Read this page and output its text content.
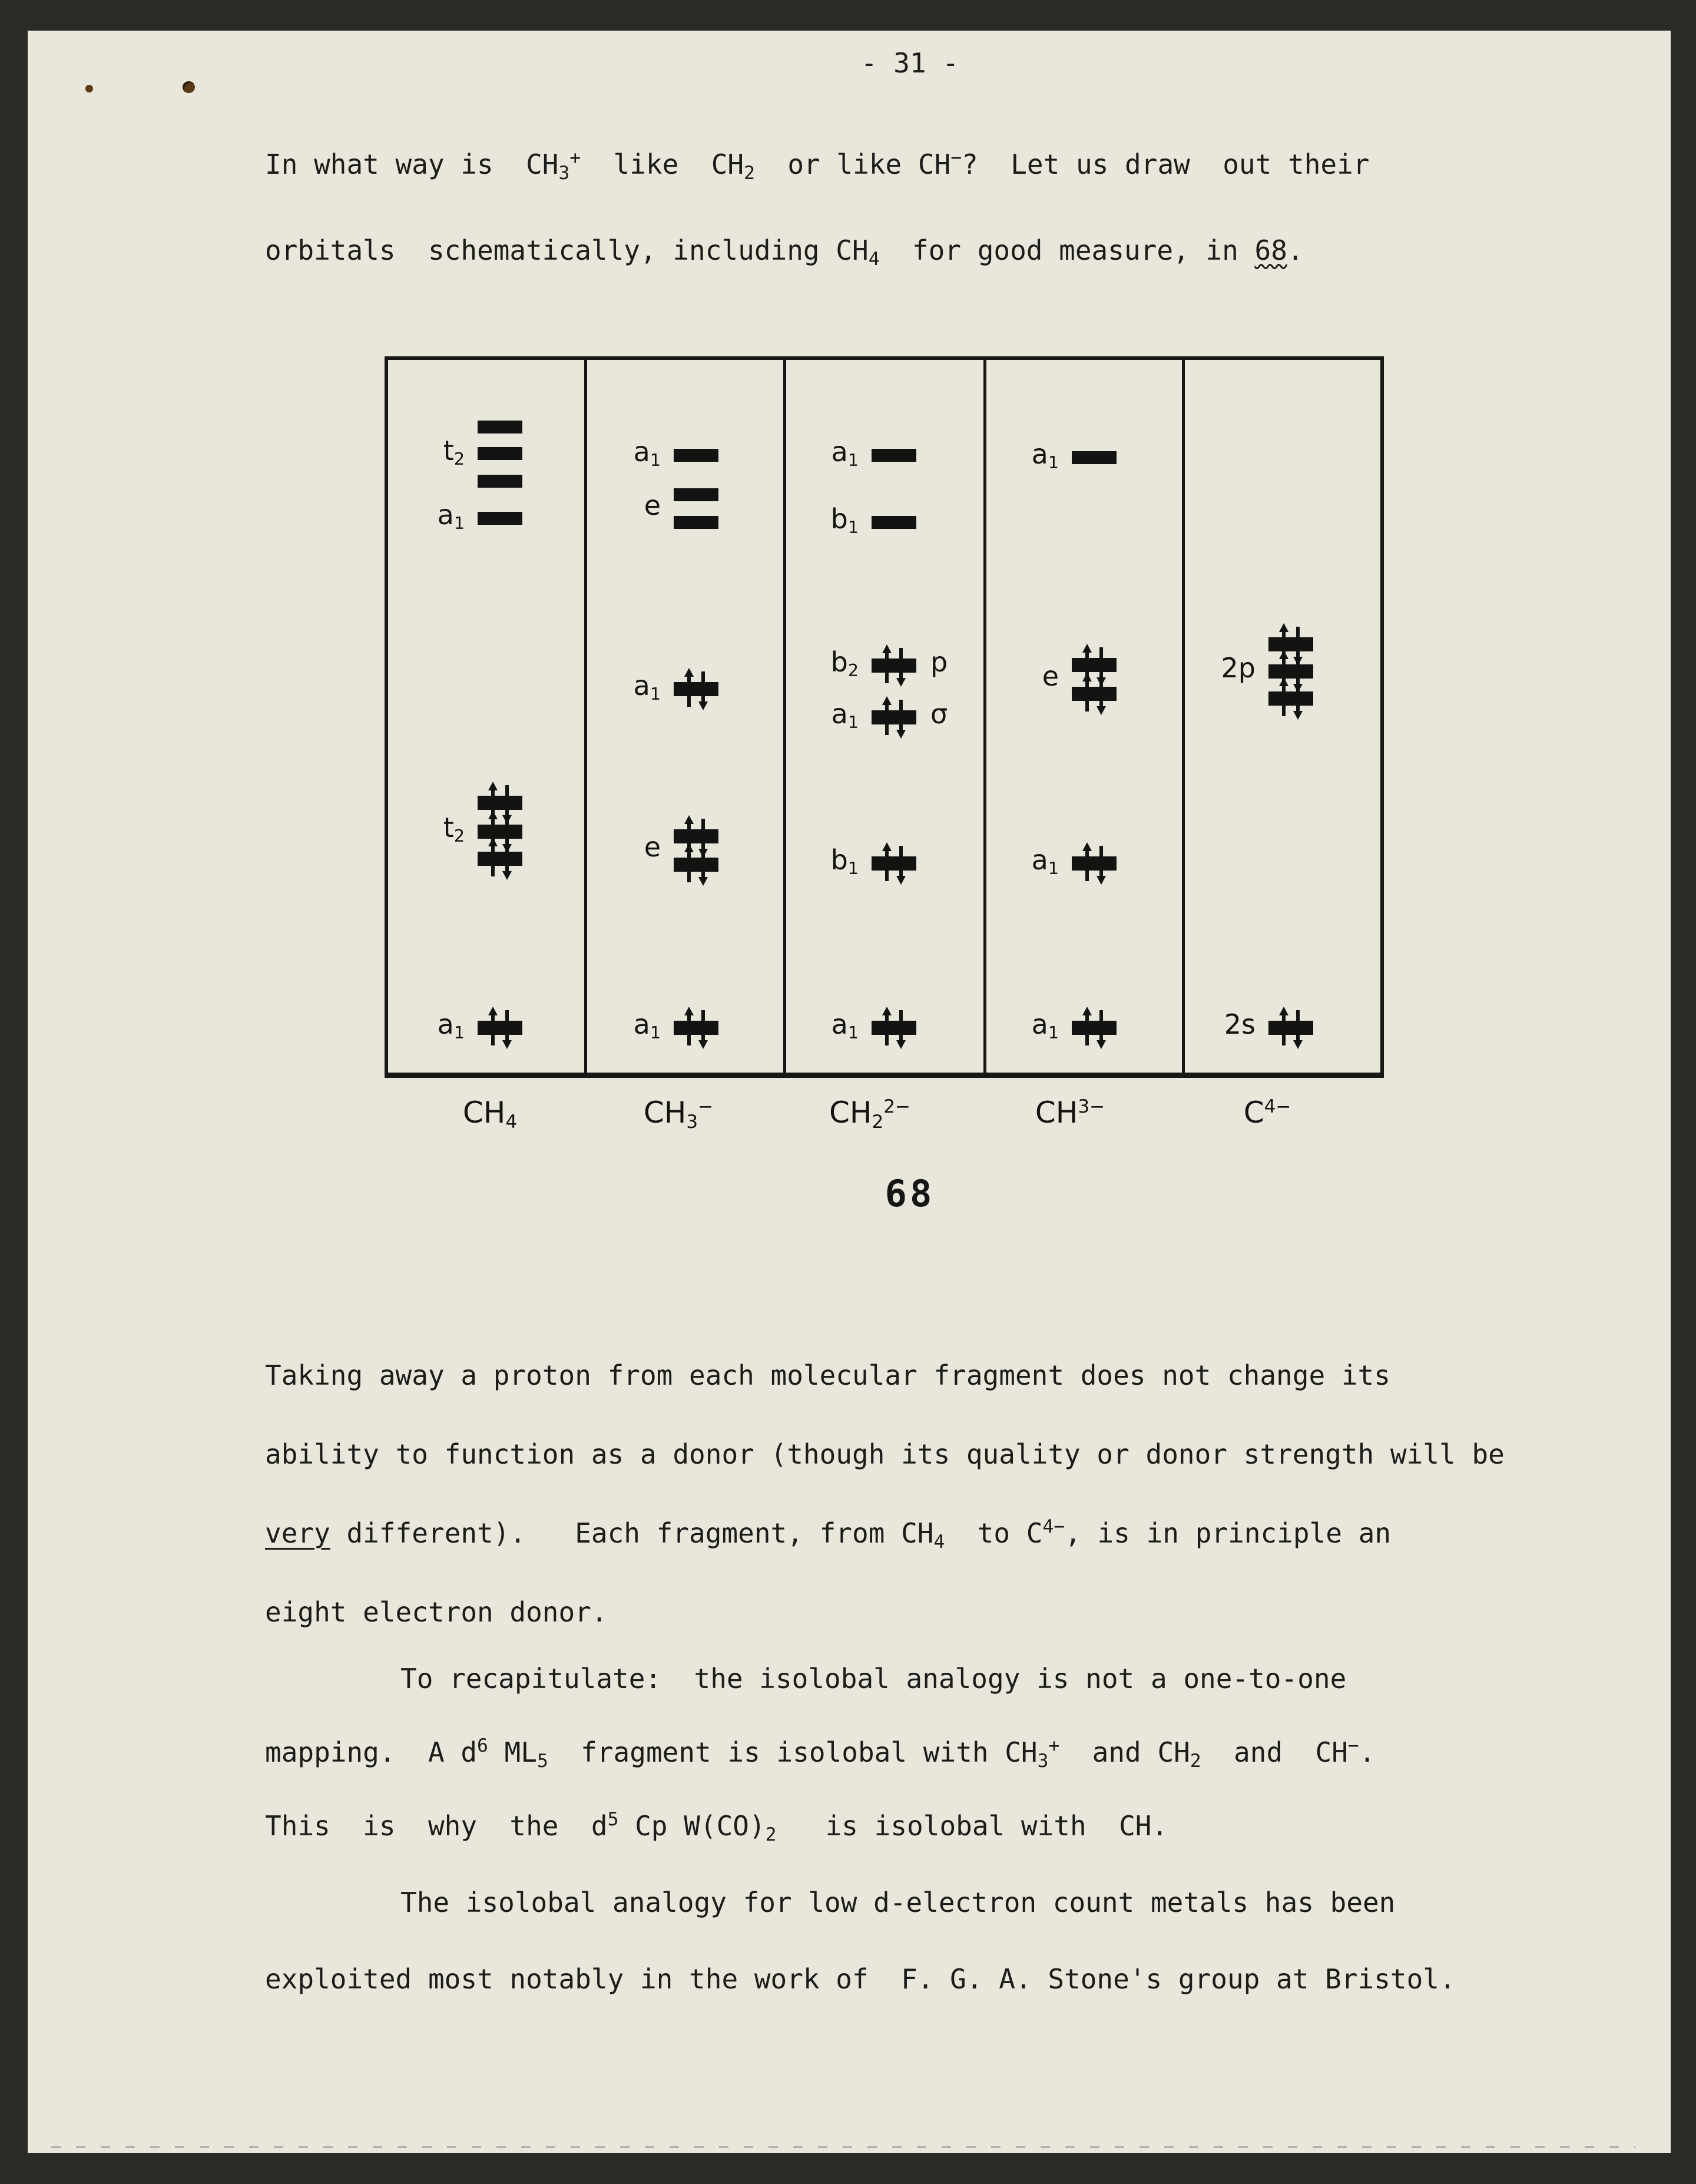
- 31 -
In what way is  $CH_3^+$  like  $CH_2$  or like CH−?  Let us draw  out their
orbitals  schematically, including $CH_4$  for good measure, in 68.
$t_2$
$a_1$
$t_2$
$a_1$
$a_1$
e
$a_1$
e
$a_1$
$a_1$
$b_1$
$b_2$	p
$a_1$	σ
$b_1$
$a_1$
$a_1$
e
$a_1$
$a_1$
2p
2s
$CH_4$	$CH_3^-$	$CH_2^{2-}$	$CH^{3-}$	$C^{4-}$
68
Taking away a proton from each molecular fragment does not change its
ability to function as a donor (though its quality or donor strength will be
very different).   Each fragment, from $CH_4$  to $C^{4-}$, is in principle an
eight electron donor.
To recapitulate:  the isolobal analogy is not a one-to-one
mapping.  A $d^6$ $ML_5$  fragment is isolobal with $CH_3^+$  and $CH_2$  and  CH−.
This  is  why  the  $d^5$ Cp $W(CO)_2$   is isolobal with  CH.
The isolobal analogy for low d-electron count metals has been
exploited most notably in the work of  F. G. A. Stone's group at Bristol.
